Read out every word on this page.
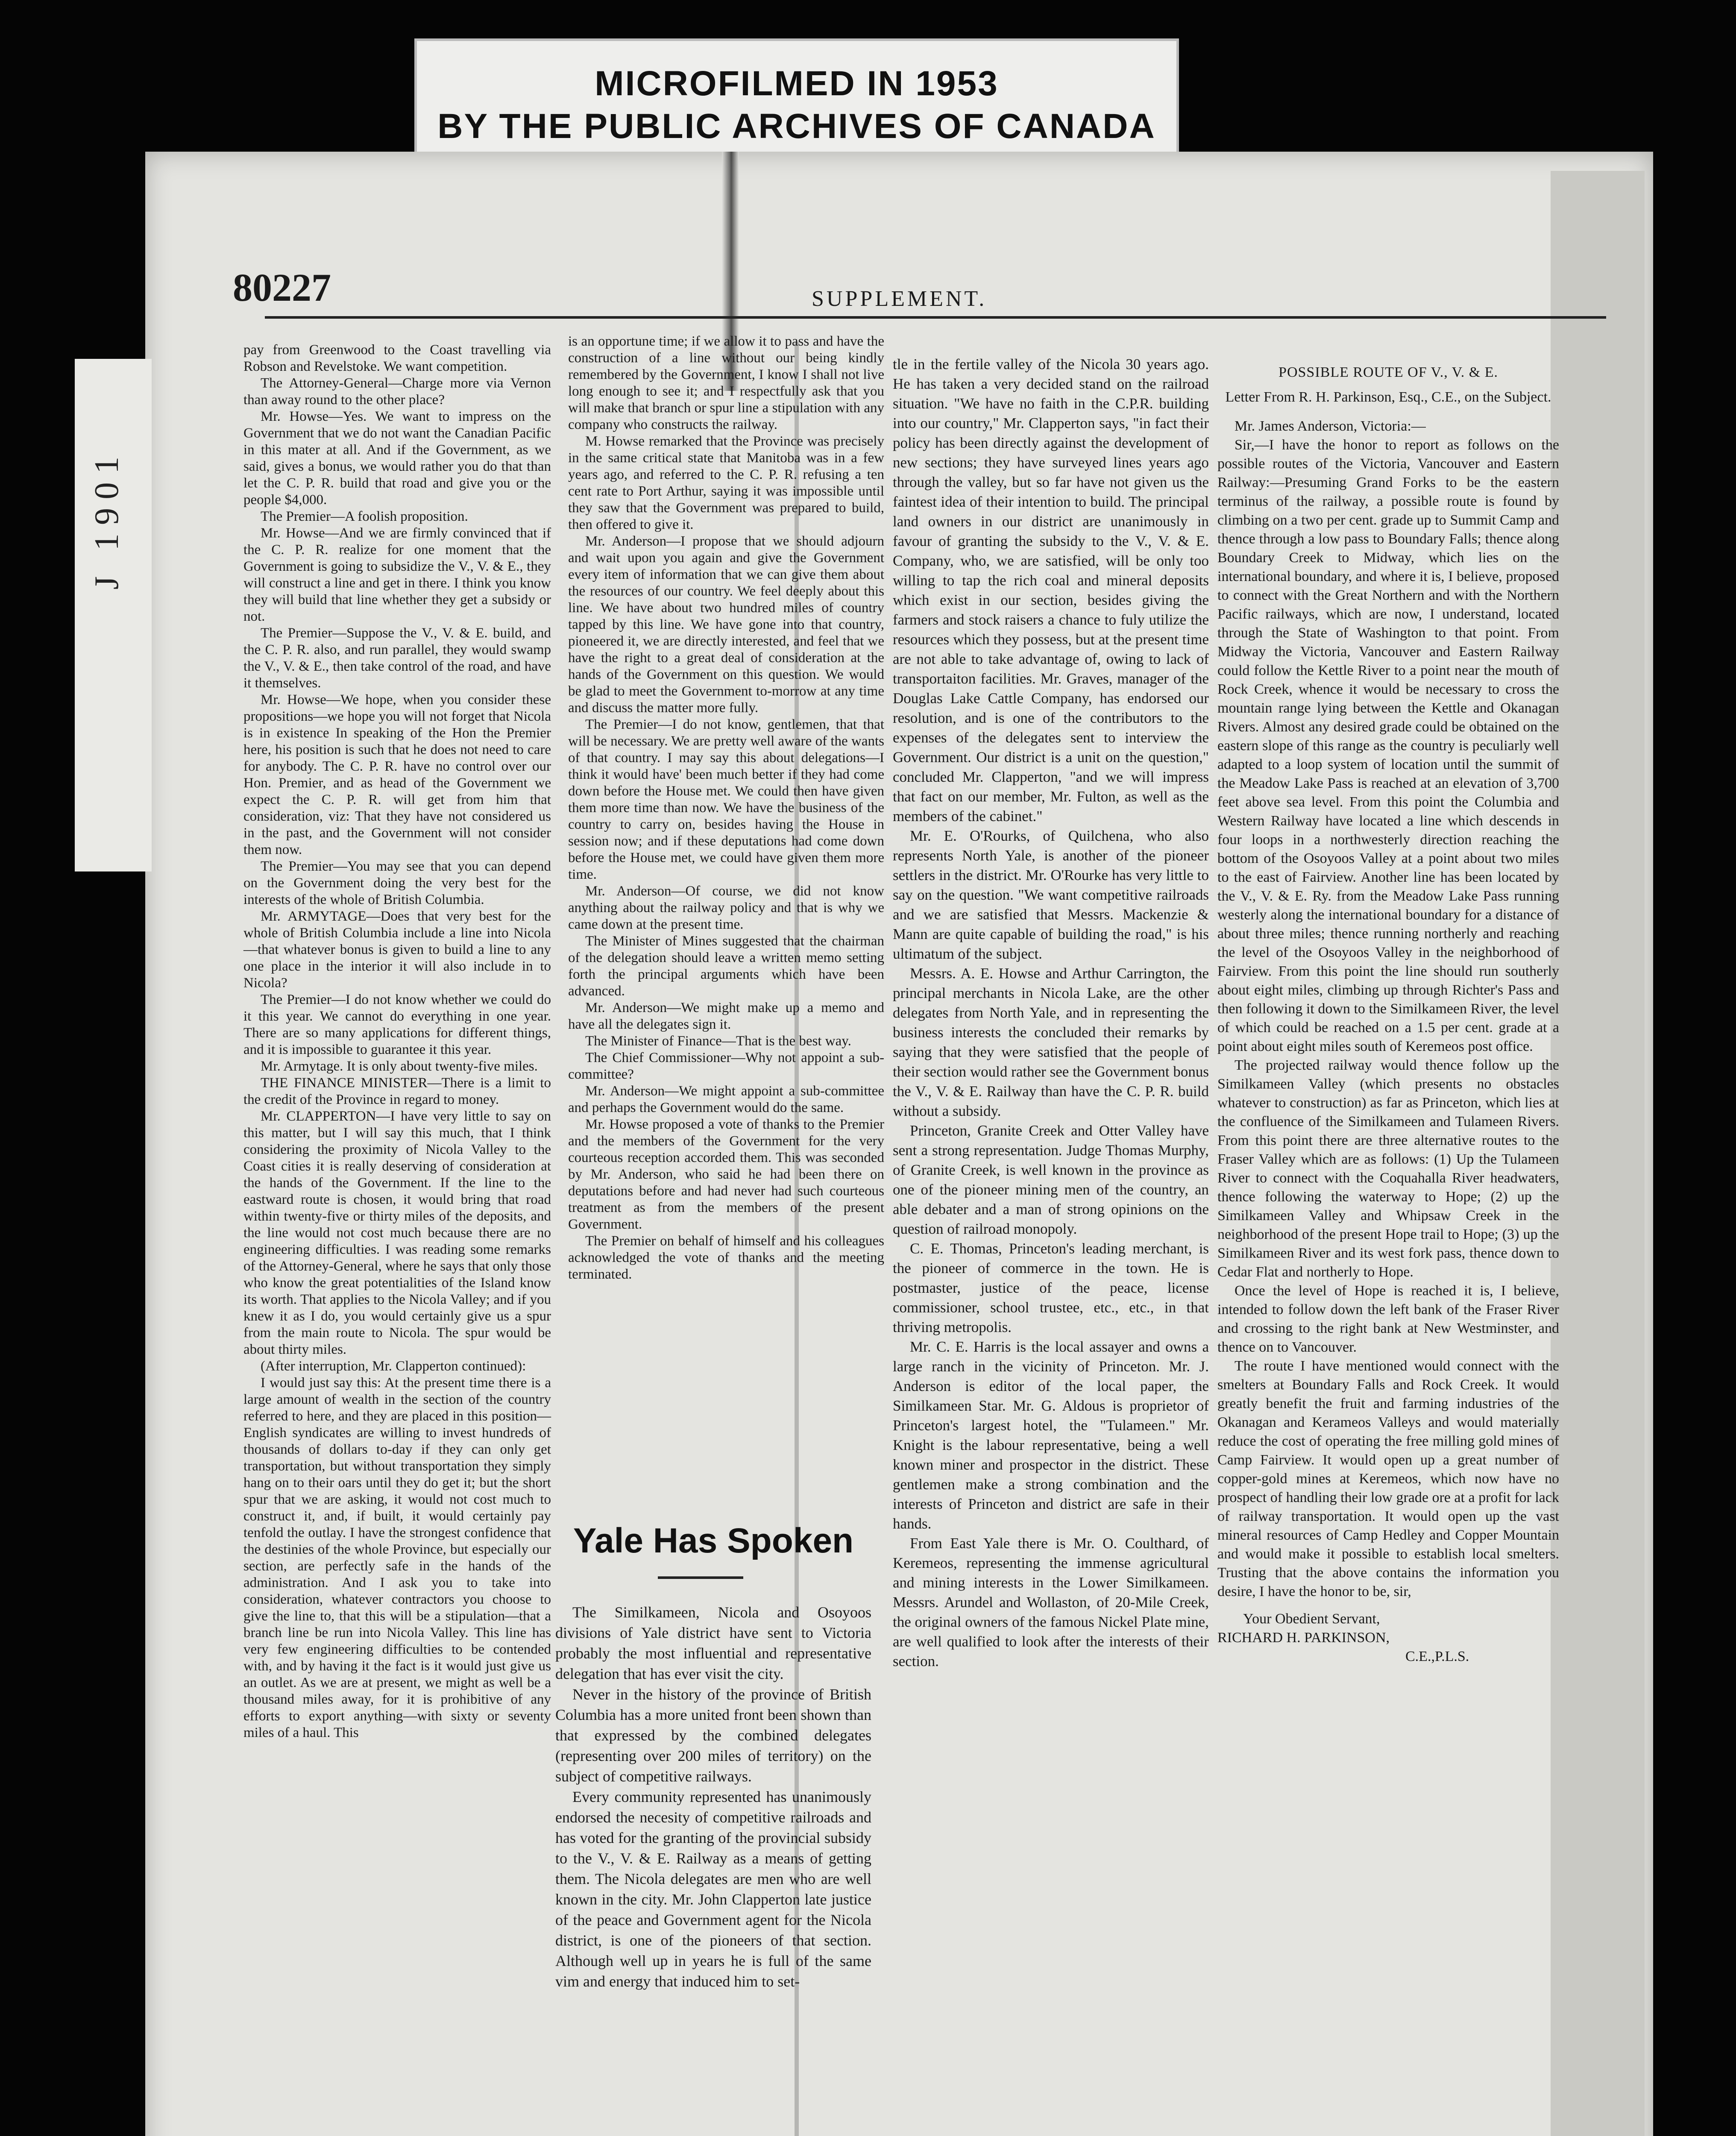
MICROFILMED IN 1953
BY THE PUBLIC ARCHIVES OF CANADA
J 1901
80227	SUPPLEMENT.

pay from Greenwood to the Coast travelling via Robson and Revelstoke. We want competition.

The Attorney-General—Charge more via Vernon than away round to the other place?

Mr. Howse—Yes. We want to impress on the Government that we do not want the Canadian Pacific in this mater at all. And if the Government, as we said, gives a bonus, we would rather you do that than let the C. P. R. build that road and give you or the people $4,000.

The Premier—A foolish proposition.

Mr. Howse—And we are firmly convinced that if the C. P. R. realize for one moment that the Government is going to subsidize the V., V. & E., they will construct a line and get in there. I think you know they will build that line whether they get a subsidy or not.

The Premier—Suppose the V., V. & E. build, and the C. P. R. also, and run parallel, they would swamp the V., V. & E., then take control of the road, and have it themselves.

Mr. Howse—We hope, when you consider these propositions—we hope you will not forget that Nicola is in existence In speaking of the Hon the Premier here, his position is such that he does not need to care for anybody. The C. P. R. have no control over our Hon. Premier, and as head of the Government we expect the C. P. R. will get from him that consideration, viz: That they have not considered us in the past, and the Government will not consider them now.

The Premier—You may see that you can depend on the Government doing the very best for the interests of the whole of British Columbia.

Mr. ARMYTAGE—Does that very best for the whole of British Columbia include a line into Nicola—that whatever bonus is given to build a line to any one place in the interior it will also include in to Nicola?

The Premier—I do not know whether we could do it this year. We cannot do everything in one year. There are so many applications for different things, and it is impossible to guarantee it this year.

Mr. Armytage. It is only about twenty-five miles.

THE FINANCE MINISTER—There is a limit to the credit of the Province in regard to money.

Mr. CLAPPERTON—I have very little to say on this matter, but I will say this much, that I think considering the proximity of Nicola Valley to the Coast cities it is really deserving of consideration at the hands of the Government. If the line to the eastward route is chosen, it would bring that road within twenty-five or thirty miles of the deposits, and the line would not cost much because there are no engineering difficulties. I was reading some remarks of the Attorney-General, where he says that only those who know the great potentialities of the Island know its worth. That applies to the Nicola Valley; and if you knew it as I do, you would certainly give us a spur from the main route to Nicola. The spur would be about thirty miles.

(After interruption, Mr. Clapperton continued):

I would just say this: At the present time there is a large amount of wealth in the section of the country referred to here, and they are placed in this position—English syndicates are willing to invest hundreds of thousands of dollars to-day if they can only get transportation, but without transportation they simply hang on to their oars until they do get it; but the short spur that we are asking, it would not cost much to construct it, and, if built, it would certainly pay tenfold the outlay. I have the strongest confidence that the destinies of the whole Province, but especially our section, are perfectly safe in the hands of the administration. And I ask you to take into consideration, whatever contractors you choose to give the line to, that this will be a stipulation—that a branch line be run into Nicola Valley. This line has very few engineering difficulties to be contended with, and by having it the fact is it would just give us an outlet. As we are at present, we might as well be a thousand miles away, for it is prohibitive of any efforts to export anything—with sixty or seventy miles of a haul. This

is an opportune time; if we allow it to pass and have the construction of a line without our being kindly remembered by the Government, I know I shall not live long enough to see it; and I respectfully ask that you will make that branch or spur line a stipulation with any company who constructs the railway.

M. Howse remarked that the Province was precisely in the same critical state that Manitoba was in a few years ago, and referred to the C. P. R. refusing a ten cent rate to Port Arthur, saying it was impossible until they saw that the Government was prepared to build, then offered to give it.

Mr. Anderson—I propose that we should adjourn and wait upon you again and give the Government every item of information that we can give them about the resources of our country. We feel deeply about this line. We have about two hundred miles of country tapped by this line. We have gone into that country, pioneered it, we are directly interested, and feel that we have the right to a great deal of consideration at the hands of the Government on this question. We would be glad to meet the Government to-morrow at any time and discuss the matter more fully.

The Premier—I do not know, gentlemen, that that will be necessary. We are pretty well aware of the wants of that country. I may say this about delegations—I think it would have' been much better if they had come down before the House met. We could then have given them more time than now. We have the business of the country to carry on, besides having the House in session now; and if these deputations had come down before the House met, we could have given them more time.

Mr. Anderson—Of course, we did not know anything about the railway policy and that is why we came down at the present time.

The Minister of Mines suggested that the chairman of the delegation should leave a written memo setting forth the principal arguments which have been advanced.

Mr. Anderson—We might make up a memo and have all the delegates sign it.

The Minister of Finance—That is the best way.

The Chief Commissioner—Why not appoint a sub-committee?

Mr. Anderson—We might appoint a sub-committee and perhaps the Government would do the same.

Mr. Howse proposed a vote of thanks to the Premier and the members of the Government for the very courteous reception accorded them. This was seconded by Mr. Anderson, who said he had been there on deputations before and had never had such courteous treatment as from the members of the present Government.

The Premier on behalf of himself and his colleagues acknowledged the vote of thanks and the meeting terminated.

Yale Has Spoken

The Similkameen, Nicola and Osoyoos divisions of Yale district have sent to Victoria probably the most influential and representative delegation that has ever visit the city.

Never in the history of the province of British Columbia has a more united front been shown than that expressed by the combined delegates (representing over 200 miles of territory) on the subject of competitive railways.

Every community represented has unanimously endorsed the necesity of competitive railroads and has voted for the granting of the provincial subsidy to the V., V. & E. Railway as a means of getting them. The Nicola delegates are men who are well known in the city. Mr. John Clapperton late justice of the peace and Government agent for the Nicola district, is one of the pioneers of that section. Although well up in years he is full of the same vim and energy that induced him to set-

tle in the fertile valley of the Nicola 30 years ago. He has taken a very decided stand on the railroad situation. "We have no faith in the C.P.R. building into our country," Mr. Clapperton says, "in fact their policy has been directly against the development of new sections; they have surveyed lines years ago through the valley, but so far have not given us the faintest idea of their intention to build. The principal land owners in our district are unanimously in favour of granting the subsidy to the V., V. & E. Company, who, we are satisfied, will be only too willing to tap the rich coal and mineral deposits which exist in our section, besides giving the farmers and stock raisers a chance to fuly utilize the resources which they possess, but at the present time are not able to take advantage of, owing to lack of transportaiton facilities. Mr. Graves, manager of the Douglas Lake Cattle Company, has endorsed our resolution, and is one of the contributors to the expenses of the delegates sent to interview the Government. Our district is a unit on the question," concluded Mr. Clapperton, "and we will impress that fact on our member, Mr. Fulton, as well as the members of the cabinet."

Mr. E. O'Rourks, of Quilchena, who also represents North Yale, is another of the pioneer settlers in the district. Mr. O'Rourke has very little to say on the question. "We want competitive railroads and we are satisfied that Messrs. Mackenzie & Mann are quite capable of building the road," is his ultimatum of the subject.

Messrs. A. E. Howse and Arthur Carrington, the principal merchants in Nicola Lake, are the other delegates from North Yale, and in representing the business interests the concluded their remarks by saying that they were satisfied that the people of their section would rather see the Government bonus the V., V. & E. Railway than have the C. P. R. build without a subsidy.

Princeton, Granite Creek and Otter Valley have sent a strong representation. Judge Thomas Murphy, of Granite Creek, is well known in the province as one of the pioneer mining men of the country, an able debater and a man of strong opinions on the question of railroad monopoly.

C. E. Thomas, Princeton's leading merchant, is the pioneer of commerce in the town. He is postmaster, justice of the peace, license commissioner, school trustee, etc., etc., in that thriving metropolis.

Mr. C. E. Harris is the local assayer and owns a large ranch in the vicinity of Princeton. Mr. J. Anderson is editor of the local paper, the Similkameen Star. Mr. G. Aldous is proprietor of Princeton's largest hotel, the "Tulameen." Mr. Knight is the labour representative, being a well known miner and prospector in the district. These gentlemen make a strong combination and the interests of Princeton and district are safe in their hands.

From East Yale there is Mr. O. Coulthard, of Keremeos, representing the immense agricultural and mining interests in the Lower Similkameen. Messrs. Arundel and Wollaston, of 20-Mile Creek, the original owners of the famous Nickel Plate mine, are well qualified to look after the interests of their section.

POSSIBLE ROUTE OF V., V. & E.
Letter From R. H. Parkinson, Esq., C.E., on the Subject.

Mr. James Anderson, Victoria:—

Sir,—I have the honor to report as follows on the possible routes of the Victoria, Vancouver and Eastern Railway:—Presuming Grand Forks to be the eastern terminus of the railway, a possible route is found by climbing on a two per cent. grade up to Summit Camp and thence through a low pass to Boundary Falls; thence along Boundary Creek to Midway, which lies on the international boundary, and where it is, I believe, proposed to connect with the Great Northern and with the Northern Pacific railways, which are now, I understand, located through the State of Washington to that point. From Midway the Victoria, Vancouver and Eastern Railway could follow the Kettle River to a point near the mouth of Rock Creek, whence it would be necessary to cross the mountain range lying between the Kettle and Okanagan Rivers. Almost any desired grade could be obtained on the eastern slope of this range as the country is peculiarly well adapted to a loop system of location until the summit of the Meadow Lake Pass is reached at an elevation of 3,700 feet above sea level. From this point the Columbia and Western Railway have located a line which descends in four loops in a northwesterly direction reaching the bottom of the Osoyoos Valley at a point about two miles to the east of Fairview. Another line has been located by the V., V. & E. Ry. from the Meadow Lake Pass running westerly along the international boundary for a distance of about three miles; thence running northerly and reaching the level of the Osoyoos Valley in the neighborhood of Fairview. From this point the line should run southerly about eight miles, climbing up through Richter's Pass and then following it down to the Similkameen River, the level of which could be reached on a 1.5 per cent. grade at a point about eight miles south of Keremeos post office.

The projected railway would thence follow up the Similkameen Valley (which presents no obstacles whatever to construction) as far as Princeton, which lies at the confluence of the Similkameen and Tulameen Rivers. From this point there are three alternative routes to the Fraser Valley which are as follows: (1) Up the Tulameen River to connect with the Coquahalla River headwaters, thence following the waterway to Hope; (2) up the Similkameen Valley and Whipsaw Creek in the neighborhood of the present Hope trail to Hope; (3) up the Similkameen River and its west fork pass, thence down to Cedar Flat and northerly to Hope.

Once the level of Hope is reached it is, I believe, intended to follow down the left bank of the Fraser River and crossing to the right bank at New Westminster, and thence on to Vancouver.

The route I have mentioned would connect with the smelters at Boundary Falls and Rock Creek. It would greatly benefit the fruit and farming industries of the Okanagan and Kerameos Valleys and would materially reduce the cost of operating the free milling gold mines of Camp Fairview. It would open up a great number of copper-gold mines at Keremeos, which now have no prospect of handling their low grade ore at a profit for lack of railway transportation. It would open up the vast mineral resources of Camp Hedley and Copper Mountain and would make it possible to establish local smelters. Trusting that the above contains the information you desire, I have the honor to be, sir,

Your Obedient Servant,
RICHARD H. PARKINSON,
C.E.,P.L.S.
